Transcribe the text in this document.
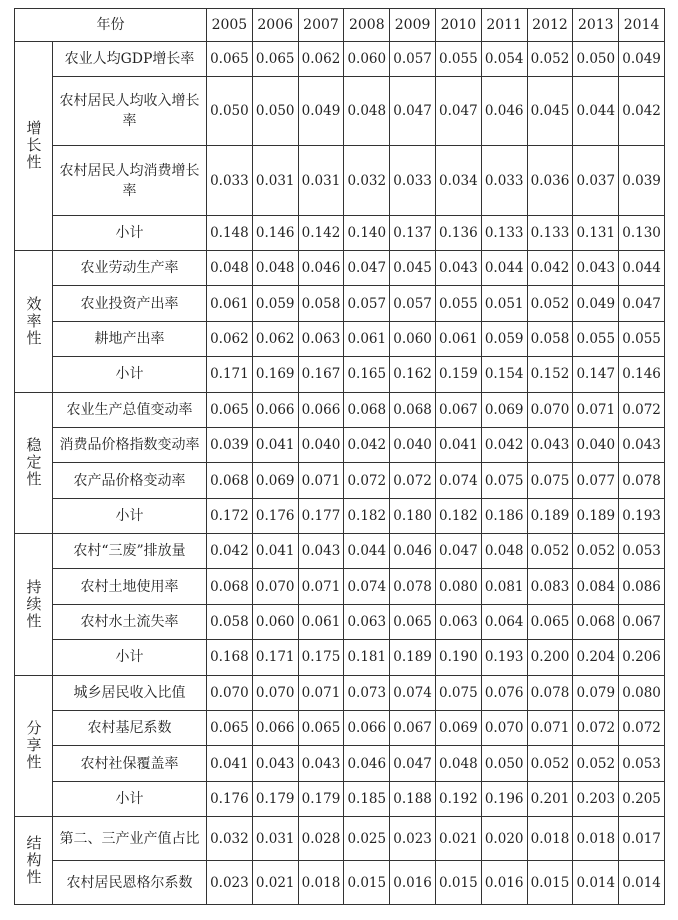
年份		2005	2006	2007	2008	2009	2010	2011	2012	2013	2014
增长性	农业人均GDP增长率	0.065	0.065	0.062	0.060	0.057	0.055	0.054	0.052	0.050	0.049
	农村居民人均收入增长率	0.050	0.050	0.049	0.048	0.047	0.047	0.046	0.045	0.044	0.042
	农村居民人均消费增长率	0.033	0.031	0.031	0.032	0.033	0.034	0.033	0.036	0.037	0.039
	小计	0.148	0.146	0.142	0.140	0.137	0.136	0.133	0.133	0.131	0.130
效率性	农业劳动生产率	0.048	0.048	0.046	0.047	0.045	0.043	0.044	0.042	0.043	0.044
	农业投资产出率	0.061	0.059	0.058	0.057	0.057	0.055	0.051	0.052	0.049	0.047
	耕地产出率	0.062	0.062	0.063	0.061	0.060	0.061	0.059	0.058	0.055	0.055
	小计	0.171	0.169	0.167	0.165	0.162	0.159	0.154	0.152	0.147	0.146
稳定性	农业生产总值变动率	0.065	0.066	0.066	0.068	0.068	0.067	0.069	0.070	0.071	0.072
	消费品价格指数变动率	0.039	0.041	0.040	0.042	0.040	0.041	0.042	0.043	0.040	0.043
	农产品价格变动率	0.068	0.069	0.071	0.072	0.072	0.074	0.075	0.075	0.077	0.078
	小计	0.172	0.176	0.177	0.182	0.180	0.182	0.186	0.189	0.189	0.193
持续性	农村“三废”排放量	0.042	0.041	0.043	0.044	0.046	0.047	0.048	0.052	0.052	0.053
	农村土地使用率	0.068	0.070	0.071	0.074	0.078	0.080	0.081	0.083	0.084	0.086
	农村水土流失率	0.058	0.060	0.061	0.063	0.065	0.063	0.064	0.065	0.068	0.067
	小计	0.168	0.171	0.175	0.181	0.189	0.190	0.193	0.200	0.204	0.206
分享性	城乡居民收入比值	0.070	0.070	0.071	0.073	0.074	0.075	0.076	0.078	0.079	0.080
	农村基尼系数	0.065	0.066	0.065	0.066	0.067	0.069	0.070	0.071	0.072	0.072
	农村社保覆盖率	0.041	0.043	0.043	0.046	0.047	0.048	0.050	0.052	0.052	0.053
	小计	0.176	0.179	0.179	0.185	0.188	0.192	0.196	0.201	0.203	0.205
结构性	第二、三产业产值占比	0.032	0.031	0.028	0.025	0.023	0.021	0.020	0.018	0.018	0.017
	农村居民恩格尔系数	0.023	0.021	0.018	0.015	0.016	0.015	0.016	0.015	0.014	0.014
